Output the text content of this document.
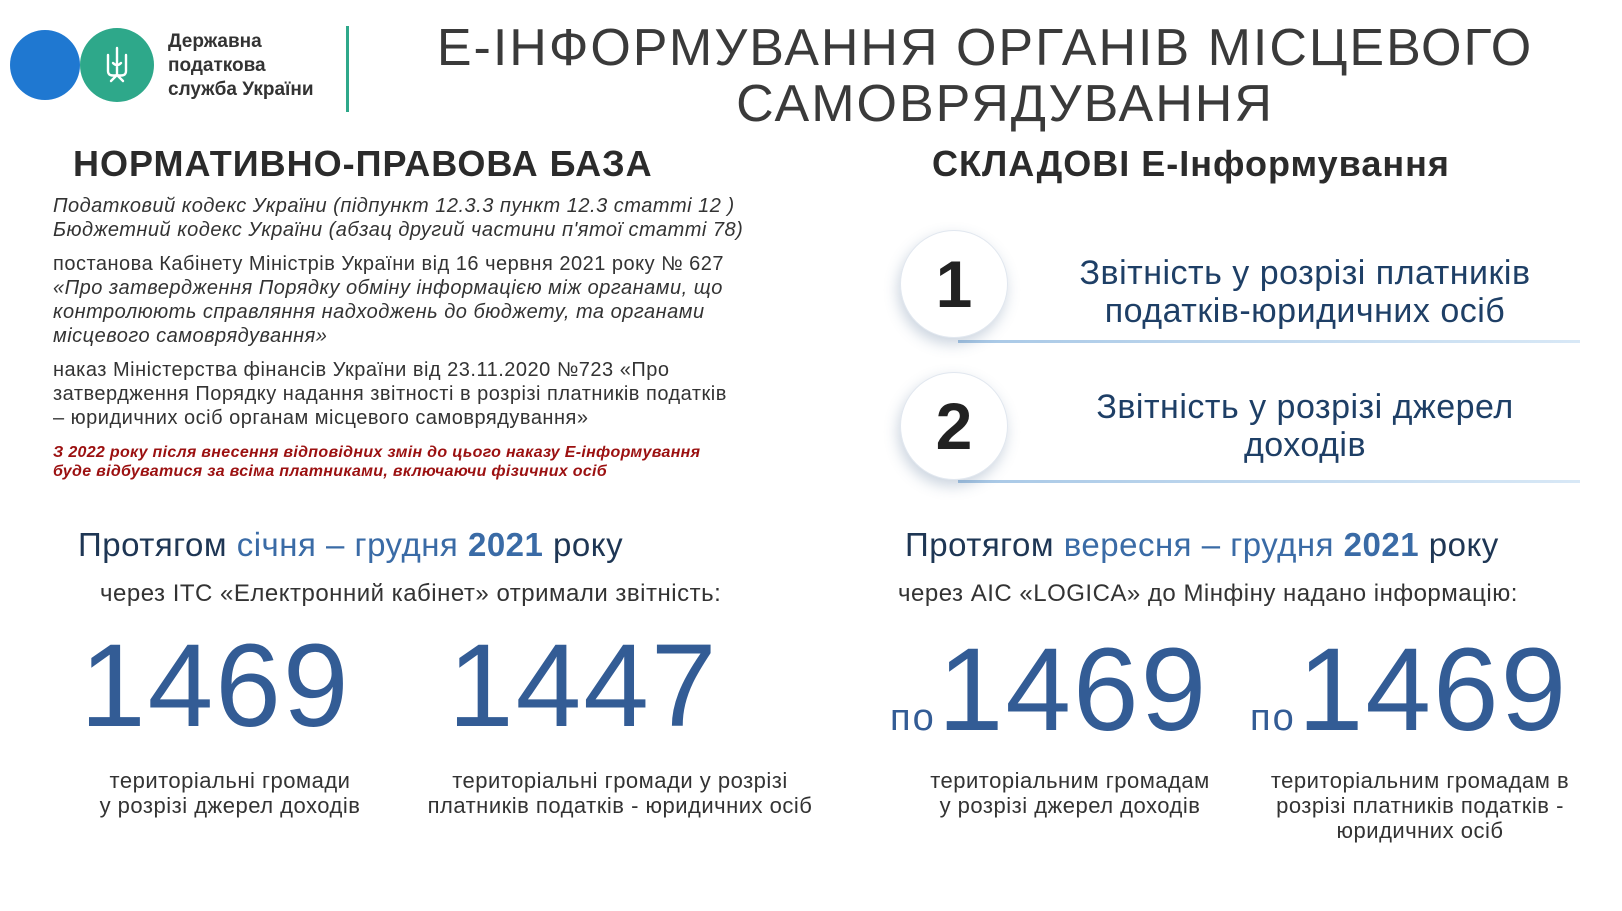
Державна
податкова
служба України
Е-ІНФОРМУВАННЯ ОРГАНІВ МІСЦЕВОГО
САМОВРЯДУВАННЯ
НОРМАТИВНО-ПРАВОВА БАЗА
Податковий кодекс України (підпункт 12.3.3 пункт 12.3 статті 12 )
Бюджетний кодекс України (абзац другий частини п'ятої статті 78)
постанова Кабінету Міністрів України від 16 червня 2021 року № 627
«Про затвердження Порядку обміну інформацією між органами, що
контролюють справляння надходжень до бюджету, та органами
місцевого самоврядування»
наказ Міністерства фінансів України від 23.11.2020 №723 «Про
затвердження Порядку надання звітності в розрізі платників податків
– юридичних осіб органам місцевого самоврядування»
З 2022 року після внесення відповідних змін до цього наказу Е-інформування
буде відбуватися за всіма платниками, включаючи фізичних осіб
СКЛАДОВІ Е-Інформування
1	Звітність у розрізі платників
податків-юридичних осіб
2	Звітність у розрізі джерел
доходів
Протягом січня – грудня 2021 року
через ІТС «Електронний кабінет» отримали звітність:
1469 1447
територіальні громади
у розрізі джерел доходів
територіальні громади у розрізі
платників податків - юридичних осіб
Протягом вересня – грудня 2021 року
через АІС «LOGICA» до Мінфіну надано інформацію:
по1469 по1469
територіальним громадам
у розрізі джерел доходів
територіальним громадам в
розрізі платників податків -
юридичних осіб
